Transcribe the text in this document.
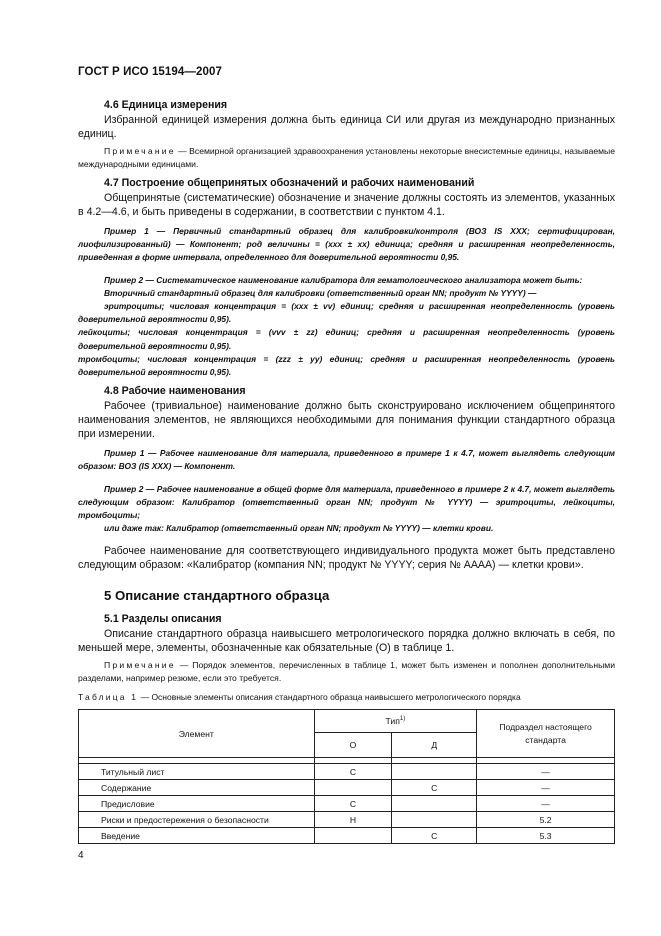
ГОСТ Р ИСО 15194—2007
4.6 Единица измерения

Избранной единицей измерения должна быть единица СИ или другая из международно признанных единиц.

Примечание — Всемирной организацией здравоохранения установлены некоторые внесистемные единицы, называемые международными единицами.

4.7 Построение общепринятых обозначений и рабочих наименований

Общепринятые (систематические) обозначение и значение должны состоять из элементов, указанных в 4.2—4.6, и быть приведены в содержании, в соответствии с пунктом 4.1.

Пример 1 — Первичный стандартный образец для калибровки/контроля (ВОЗ IS ХХХ; сертифицирован, лиофилизированный) — Компонент; род величины = (ххх ± хх) единица; средняя и расширенная неопределенность, приведенная в форме интервала, определенного для доверительной вероятности 0,95.

Пример 2 — Систематическое наименование калибратора для гематологического анализатора может быть:

Вторичный стандартный образец для калибровки (ответственный орган NN; продукт № YYYY) —

эритроциты; числовая концентрация = (ххх ± vv) единиц; средняя и расширенная неопределенность (уровень доверительной вероятности 0,95).

лейкоциты; числовая концентрация = (vvv ± zz) единиц; средняя и расширенная неопределенность (уровень доверительной вероятности 0,95).

тромбоциты; числовая концентрация = (zzz ± yy) единиц; средняя и расширенная неопределенность (уровень доверительной вероятности 0,95).

4.8 Рабочие наименования

Рабочее (тривиальное) наименование должно быть сконструировано исключением общепринятого наименования элементов, не являющихся необходимыми для понимания функции стандартного образца при измерении.

Пример 1 — Рабочее наименование для материала, приведенного в примере 1 к 4.7, может выглядеть следующим образом: ВОЗ (IS ХХХ) — Компонент.

Пример 2 — Рабочее наименование в общей форме для материала, приведенного в примере 2 к 4.7, может выглядеть следующим образом: Калибратор (ответственный орган NN; продукт № YYYY) — эритроциты, лейкоциты, тромбоциты;

или даже так: Калибратор (ответственный орган NN; продукт № YYYY) — клетки крови.

Рабочее наименование для соответствующего индивидуального продукта может быть представлено следующим образом: «Калибратор (компания NN; продукт № YYYY; серия № АААА) — клетки крови».

5 Описание стандартного образца
5.1 Разделы описания

Описание стандартного образца наивысшего метрологического порядка должно включать в себя, по меньшей мере, элементы, обозначенные как обязательные (О) в таблице 1.

Примечание — Порядок элементов, перечисленных в таблице 1, может быть изменен и пополнен дополнительными разделами, например резюме, если это требуется.

Таблица 1 — Основные элементы описания стандартного образца наивысшего метрологического порядка
Элемент	Тип$^{1)}$		Подраздел настоящего стандарта
	О	Д	

Титульный лист	С		—
Содержание		С	—
Предисловие	С		—
Риски и предостережения о безопасности	Н		5.2
Введение		С	5.3
4
